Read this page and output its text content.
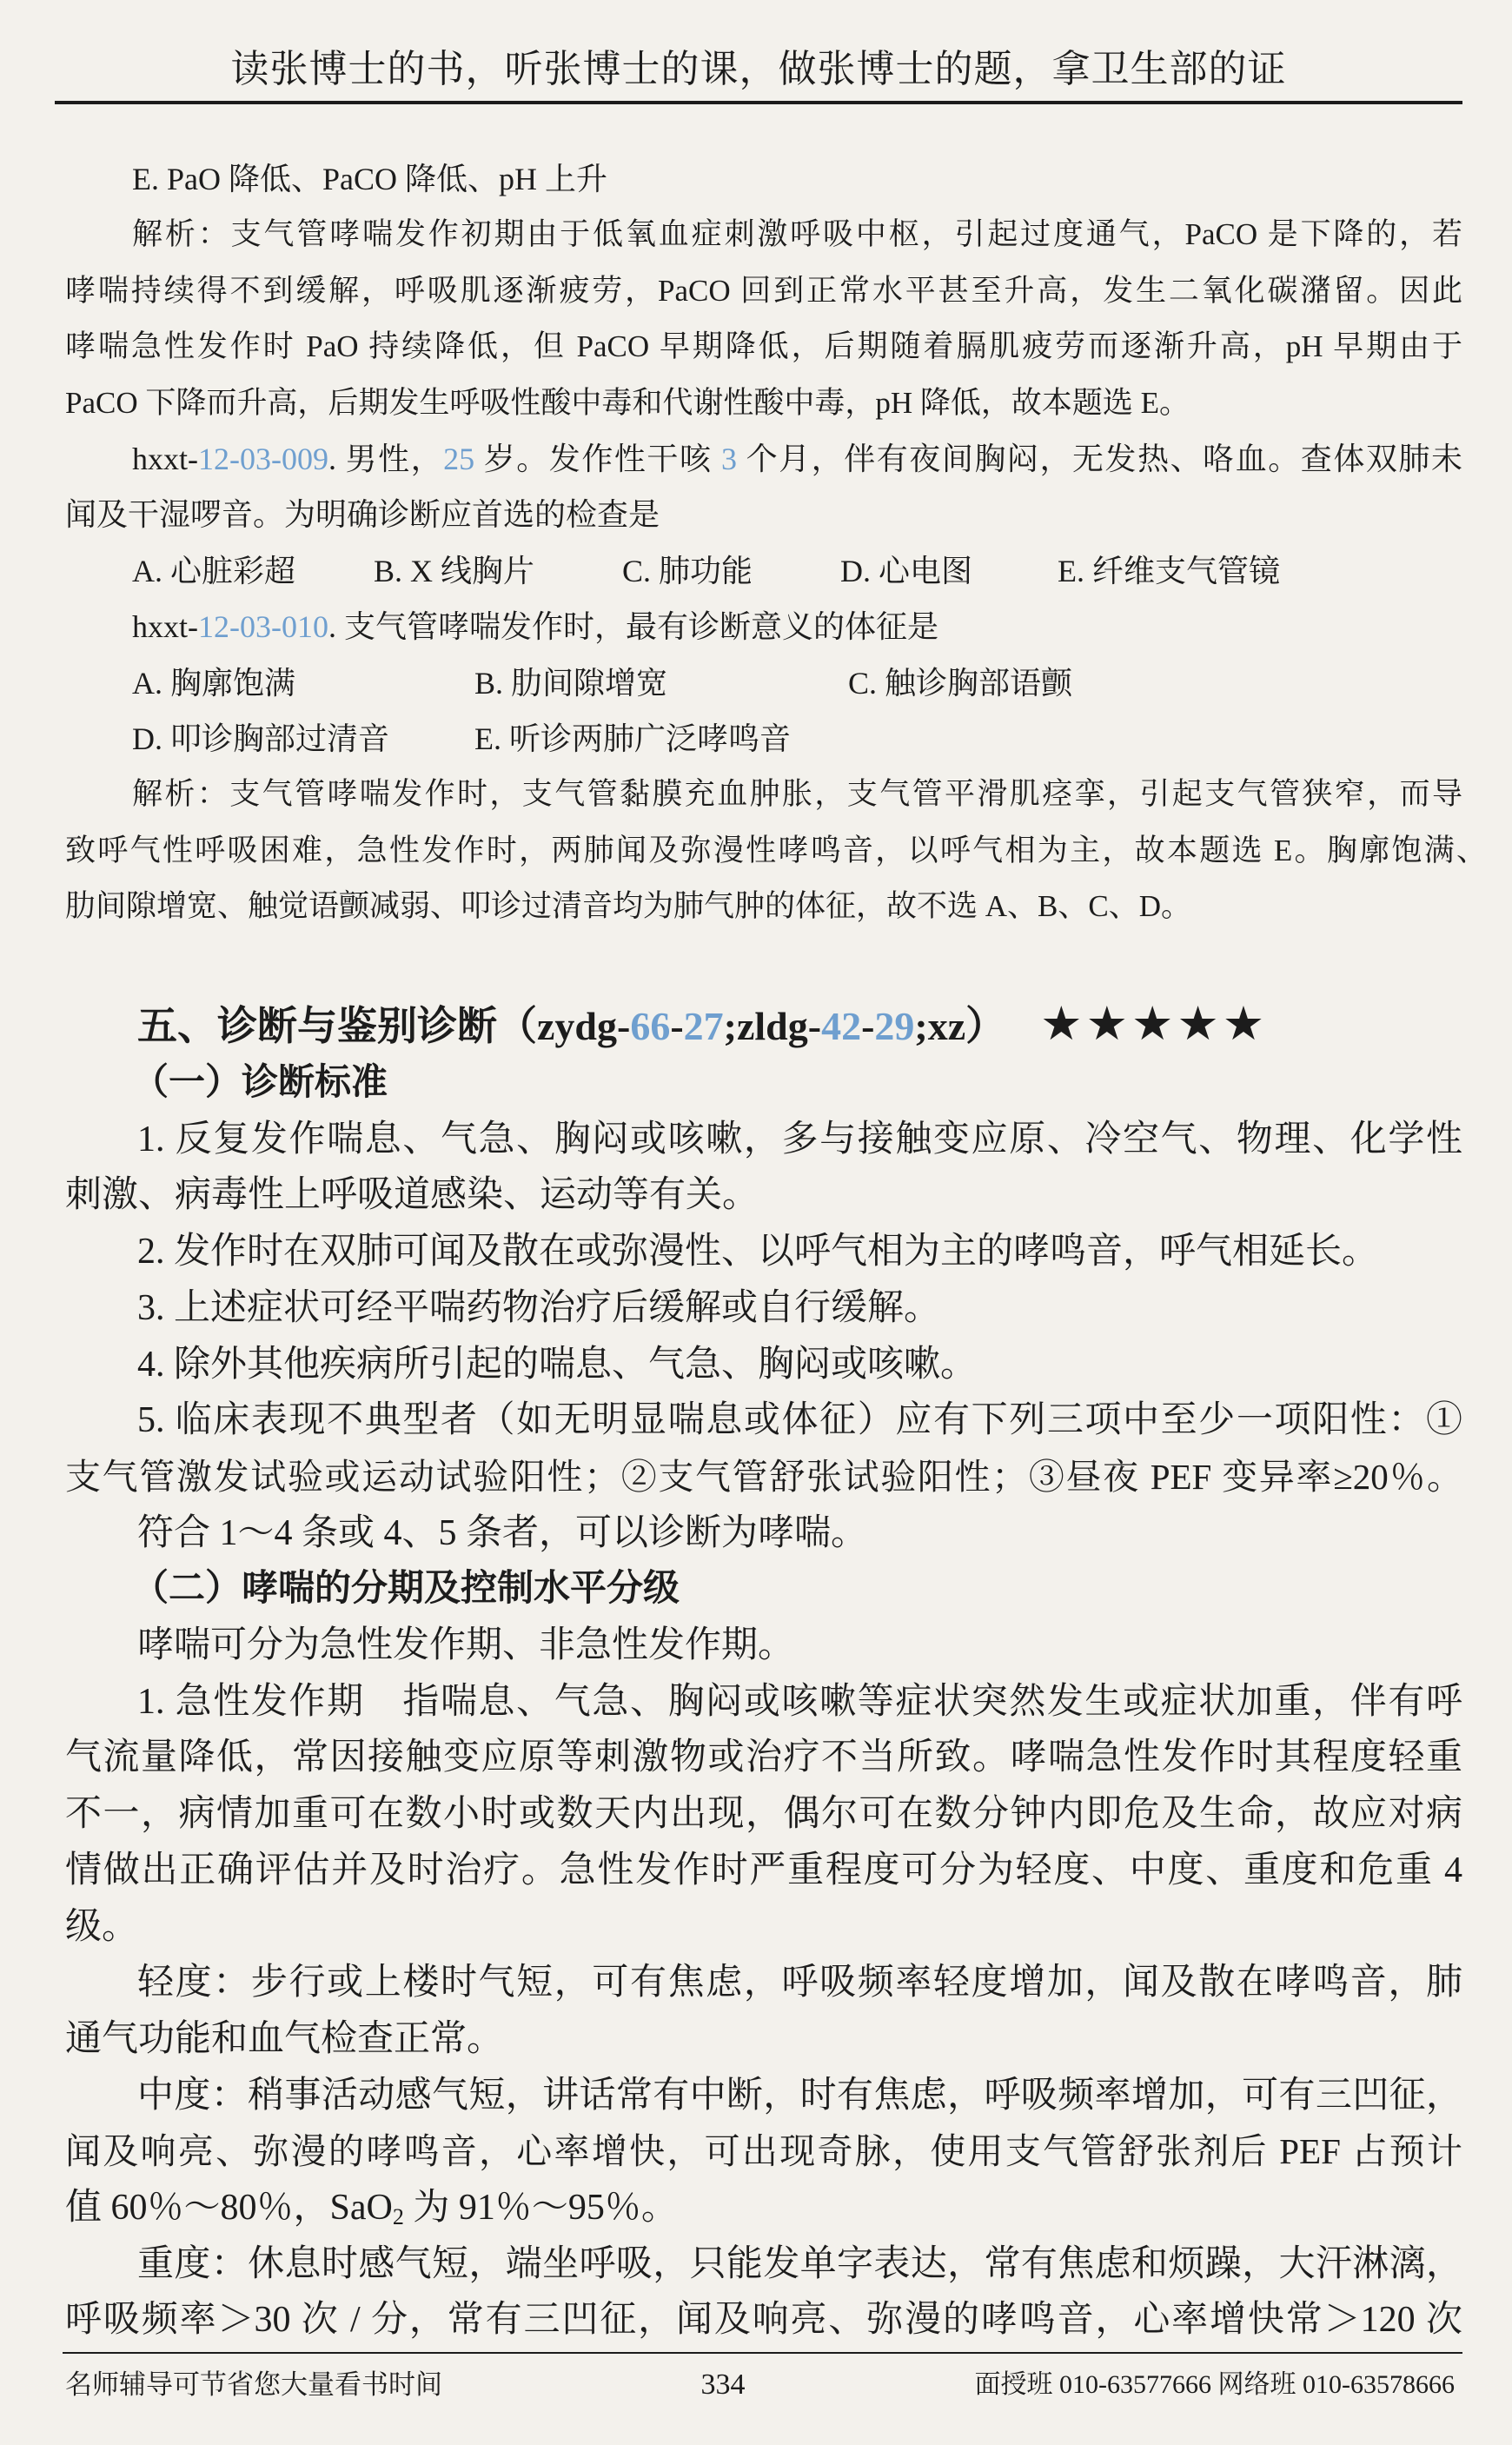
读张博士的书，听张博士的课，做张博士的题，拿卫生部的证
E. PaO 降低、PaCO 降低、pH 上升
解析：支气管哮喘发作初期由于低氧血症刺激呼吸中枢，引起过度通气，PaCO 是下降的，若
哮喘持续得不到缓解，呼吸肌逐渐疲劳，PaCO 回到正常水平甚至升高，发生二氧化碳潴留。因此
哮喘急性发作时 PaO 持续降低，但 PaCO 早期降低，后期随着膈肌疲劳而逐渐升高，pH 早期由于
PaCO 下降而升高，后期发生呼吸性酸中毒和代谢性酸中毒，pH 降低，故本题选 E。
hxxt-12-03-009. 男性，25 岁。发作性干咳 3 个月，伴有夜间胸闷，无发热、咯血。查体双肺未
闻及干湿啰音。为明确诊断应首选的检查是
A. 心脏彩超	B. X 线胸片	C. 肺功能	D. 心电图	E. 纤维支气管镜
hxxt-12-03-010. 支气管哮喘发作时，最有诊断意义的体征是
A. 胸廓饱满	B. 肋间隙增宽	C. 触诊胸部语颤
D. 叩诊胸部过清音	E. 听诊两肺广泛哮鸣音
解析：支气管哮喘发作时，支气管黏膜充血肿胀，支气管平滑肌痉挛，引起支气管狭窄，而导
致呼气性呼吸困难，急性发作时，两肺闻及弥漫性哮鸣音，以呼气相为主，故本题选 E。胸廓饱满、
肋间隙增宽、触觉语颤减弱、叩诊过清音均为肺气肿的体征，故不选 A、B、C、D。
五、诊断与鉴别诊断（zydg-66-27;zldg-42-29;xz） ★★★★★
（一）诊断标准
1. 反复发作喘息、气急、胸闷或咳嗽，多与接触变应原、冷空气、物理、化学性
刺激、病毒性上呼吸道感染、运动等有关。
2. 发作时在双肺可闻及散在或弥漫性、以呼气相为主的哮鸣音，呼气相延长。
3. 上述症状可经平喘药物治疗后缓解或自行缓解。
4. 除外其他疾病所引起的喘息、气急、胸闷或咳嗽。
5. 临床表现不典型者（如无明显喘息或体征）应有下列三项中至少一项阳性：①
支气管激发试验或运动试验阳性；②支气管舒张试验阳性；③昼夜 PEF 变异率≥20％。
符合 1～4 条或 4、5 条者，可以诊断为哮喘。
（二）哮喘的分期及控制水平分级
哮喘可分为急性发作期、非急性发作期。
1. 急性发作期　指喘息、气急、胸闷或咳嗽等症状突然发生或症状加重，伴有呼
气流量降低，常因接触变应原等刺激物或治疗不当所致。哮喘急性发作时其程度轻重
不一，病情加重可在数小时或数天内出现，偶尔可在数分钟内即危及生命，故应对病
情做出正确评估并及时治疗。急性发作时严重程度可分为轻度、中度、重度和危重 4
级。
轻度：步行或上楼时气短，可有焦虑，呼吸频率轻度增加，闻及散在哮鸣音，肺
通气功能和血气检查正常。
中度：稍事活动感气短，讲话常有中断，时有焦虑，呼吸频率增加，可有三凹征，
闻及响亮、弥漫的哮鸣音，心率增快，可出现奇脉，使用支气管舒张剂后 PEF 占预计
值 60％～80％，SaO$_2$ 为 91％～95％。
重度：休息时感气短，端坐呼吸，只能发单字表达，常有焦虑和烦躁，大汗淋漓，
呼吸频率＞30 次 / 分，常有三凹征，闻及响亮、弥漫的哮鸣音，心率增快常＞120 次
名师辅导可节省您大量看书时间	334	面授班 010-63577666 网络班 010-63578666
